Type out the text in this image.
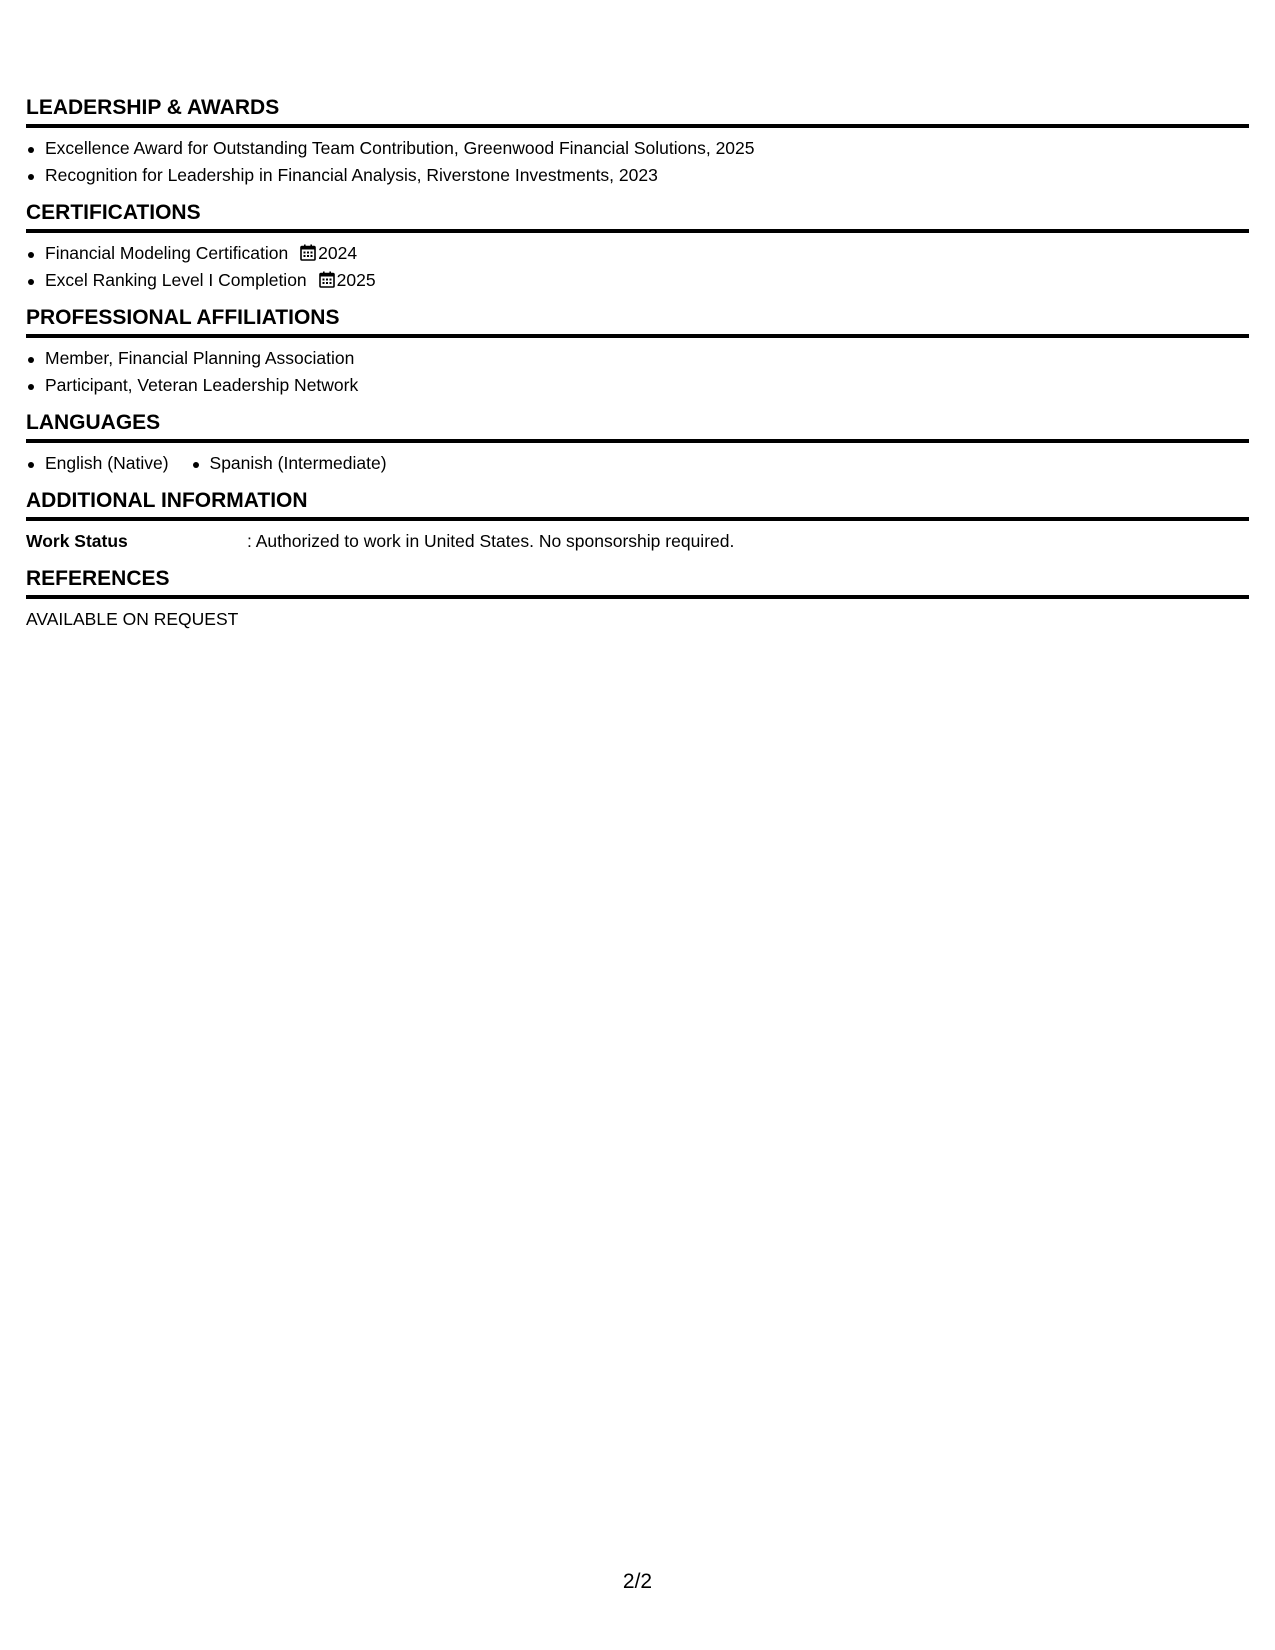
LEADERSHIP & AWARDS
Excellence Award for Outstanding Team Contribution, Greenwood Financial Solutions, 2025
Recognition for Leadership in Financial Analysis, Riverstone Investments, 2023
CERTIFICATIONS
Financial Modeling Certification 2024
Excel Ranking Level I Completion 2025
PROFESSIONAL AFFILIATIONS
Member, Financial Planning Association
Participant, Veteran Leadership Network
LANGUAGES
English (Native)	Spanish (Intermediate)
ADDITIONAL INFORMATION
Work Status	: Authorized to work in United States. No sponsorship required.
REFERENCES
AVAILABLE ON REQUEST
2/2
